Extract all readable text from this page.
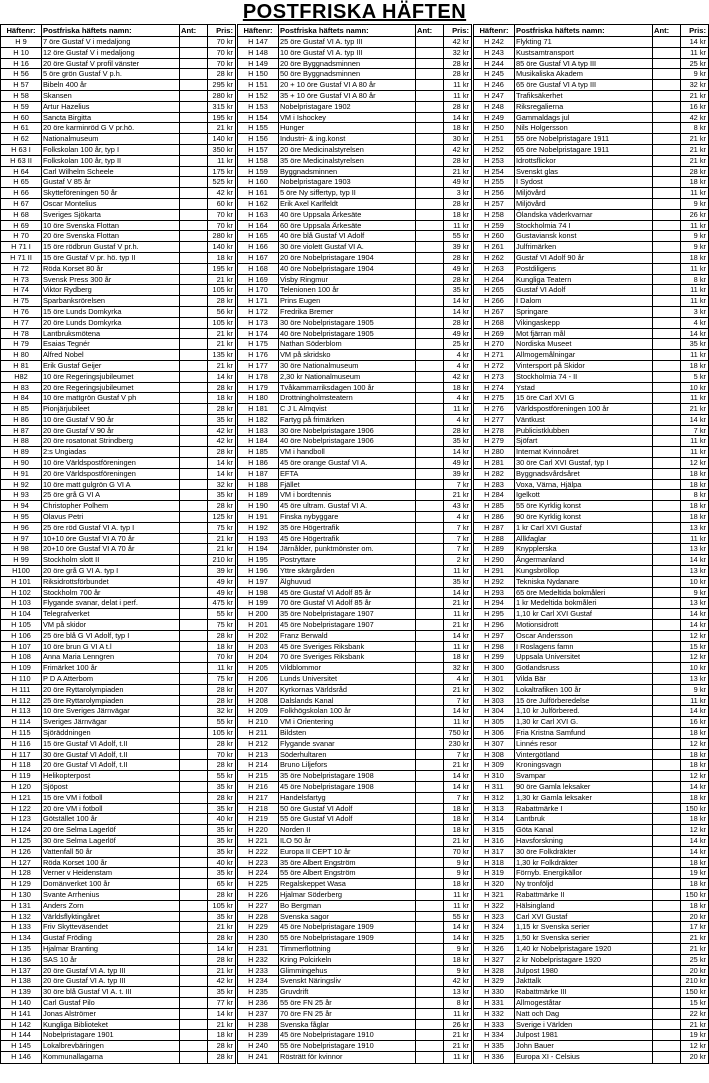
POSTFRISKA HÄFTEN
Häftenr: Postfriska häftets namn:	Ant:	Pris:
H 9	7 öre Gustaf V i medaljong	70 kr
H 10	12 öre Gustaf V i medaljong	70 kr
H 16	20 öre Gustaf V profil vänster	70 kr
H 56	5 öre grön Gustaf V p.h.	28 kr
H 57	Bibeln 400 år	295 kr
H 58	Skansen	280 kr
H 59	Artur Hazelius	315 kr
H 60	Sancta Birgitta	195 kr
H 61	20 öre karminröd G V pr.hö.	21 kr
H 62	Nationalmuseum	140 kr
H 63 I	Folkskolan 100 år, typ I	350 kr
H 63 II	Folkskolan 100 år, typ II	11 kr
H 64	Carl Wilhelm Scheele	175 kr
H 65	Gustaf V 85 år	525 kr
H 66	Skytteföreningen 50 år	42 kr
H 67	Oscar Montelius	60 kr
H 68	Sveriges Sjökarta	70 kr
H 69	10 öre Svenska Flottan	70 kr
H 70	20 öre Svenska Flottan	280 kr
H 71 I	15 öre rödbrun Gustaf V pr.h.	140 kr
H 71 II	15 öre Gustaf V pr. hö. typ II	18 kr
H 72	Röda Korset 80 år	195 kr
H 73	Svensk Press 300 år	21 kr
H 74	Viktor Rydberg	105 kr
H 75	Sparbanksrörelsen	28 kr
H 76	15 öre Lunds Domkyrka	56 kr
H 77	20 öre Lunds Domkyrka	105 kr
H 78	Lantbruksmötena	21 kr
H 79	Esaias Tegnér	21 kr
H 80	Alfred Nobel	135 kr
H 81	Erik Gustaf Geijer	21 kr
H82	10 öre Regeringsjubileumet	14 kr
H 83	20 öre Regeringsjubileumet	28 kr
H 84	10 öre mattgrön Gustaf V ph	18 kr
H 85	Pionjärjubileet	28 kr
H 86	10 öre Gustaf V 90 år	35 kr
H 87	20 öre Gustaf V 90 år	42 kr
H 88	20 öre rosatonat Strindberg	42 kr
H 89	2:s Ungiadas	28 kr
H 90	10 öre Världspostföreningen	14 kr
H 91	20 öre Världspostföreningen	14 kr
H 92	10 öre matt gulgrön G VI A	32 kr
H 93	25 öre grå G VI A	35 kr
H 94	Christopher Polhem	28 kr
H 95	Olavus Petri	125 kr
H 96	25 öre röd Gustaf VI A. typ I	75 kr
H 97	10+10 öre Gustaf VI A 70 år	21 kr
H 98	20+10 öre Gustaf VI A 70 år	21 kr
H 99	Stockholm slott II	210 kr
H100	20 öre grå G VI A. typ I	39 kr
H 101	Riksidrottsförbundet	49 kr
H 102	Stockholm 700 år	49 kr
H 103	Flygande svanar, delat i perf.	475 kr
H 104	Telegrafverket	55 kr
H 105	VM på skidor	75 kr
H 106	25 öre blå G VI Adolf, typ I	28 kr
H 107	10 öre brun G VI A t.l	18 kr
H 108	Anna Maria Lenngren	70 kr
H 109	Frimärket 100 år	11 kr
H 110	P D A Atterbom	75 kr
H 111	20 öre Ryttarolympiaden	28 kr
H 112	25 öre Ryttarolympiaden	28 kr
H 113	10 öre Sveriges Järnvägar	32 kr
H 114	Sveriges Järnvägar	55 kr
H 115	Sjöräddningen	105 kr
H 116	15 öre Gustaf VI Adolf, t.II	28 kr
H 117	30 öre Gustaf VI Adolf, t.II	70 kr
H 118	20 öre Gustaf VI Adolf, t.II	28 kr
H 119	Helikopterpost	55 kr
H 120	Sjöpost	35 kr
H 121	15 öre VM i fotboll	28 kr
H 122	20 öre VM i fotboll	35 kr
H 123	Götstället 100 år	40 kr
H 124	20 öre Selma Lagerlöf	35 kr
H 125	30 öre Selma Lagerlöf	35 kr
H 126	Vattenfall 50 år	35 kr
H 127	Röda Korset 100 år	40 kr
H 128	Verner v Heidenstam	35 kr
H 129	Domänverket 100 år	65 kr
H 130	Svante Arrhenius	28 kr
H 131	Anders Zorn	105 kr
H 132	Världsflyktingåret	35 kr
H 133	Friv Skytteväsendet	21 kr
H 134	Gustaf Fröding	28 kr
H 135	Hjalmar Branting	14 kr
H 136	SAS 10 år	28 kr
H 137	20 öre Gustaf VI A. typ III	21 kr
H 138	20 öre Gustaf VI A. typ III	42 kr
H 139	30 öre blå Gustaf VI A. t. III	35 kr
H 140	Carl Gustaf Pilo	77 kr
H 141	Jonas Alströmer	14 kr
H 142	Kungliga Biblioteket	21 kr
H 144	Nobelpristagare 1901	18 kr
H 145	Lokalbrevbäringen	28 kr
H 146	Kommunallagarna	28 kr
Häftenr: Postfriska häftets namn:	Ant:	Pris:
H 147	25 öre Gustaf VI A. typ III	42 kr
H 148	10 öre Gustaf VI A. typ III	32 kr
H 149	20 öre Byggnadsminnen	28 kr
H 150	50 öre Byggnadsminnen	28 kr
H 151	20 + 10 öre Gustaf VI A 80 år	11 kr
H 152	35 + 10 öre Gustaf VI A 80 år	11 kr
H 153	Nobelpristagare 1902	28 kr
H 154	VM i Ishockey	14 kr
H 155	Hunger	18 kr
H 156	Industri- & ing.konst	30 kr
H 157	20 öre Medicinalstyrelsen	42 kr
H 158	35 öre Medicinalstyrelsen	28 kr
H 159	Byggnadsminnen	21 kr
H 160	Nobelpristagare 1903	49 kr
H 161	5 öre Ny siffertyp, typ II	3 kr
H 162	Erik Axel Karlfeldt	28 kr
H 163	40 öre Uppsala Ärkesäte	18 kr
H 164	60 öre Uppsala Ärkesäte	11 kr
H 165	40 öre blå Gustaf VI Adolf	55 kr
H 166	30 öre violett Gustaf VI A.	39 kr
H 167	20 öre Nobelpristagare 1904	28 kr
H 168	40 öre Nobelpristagare 1904	49 kr
H 169	Visby Ringmur	28 kr
H 170	Telenionen 100 år	35 kr
H 171	Prins Eugen	14 kr
H 172	Fredrika Bremer	14 kr
H 173	30 öre Nobelpristagare 1905	28 kr
H 174	40 öre Nobelpristagare 1905	49 kr
H 175	Nathan Söderblom	25 kr
H 176	VM på skridsko	4 kr
H 177	30 öre Nationalmuseum	4 kr
H 178	2,30 kr Nationalmuseum	42 kr
H 179	Tvåkammarriksdagen 100 år	18 kr
H 180	Drottningholmsteatern	4 kr
H 181	C J L Almqvist	11 kr
H 182	Fartyg på frimärken	4 kr
H 183	30 öre Nobelpristagare 1906	28 kr
H 184	40 öre Nobelpristagare 1906	35 kr
H 185	VM i handboll	14 kr
H 186	45 öre orange Gustaf VI A.	49 kr
H 187	EFTA	39 kr
H 188	Fjället	7 kr
H 189	VM i bordtennis	21 kr
H 190	45 öre ultram. Gustaf VI A.	43 kr
H 191	Finska nybyggare	4 kr
H 192	35 öre Högertrafik	7 kr
H 193	45 öre Högertrafik	7 kr
H 194	Järnålder, punktmönster om.	7 kr
H 195	Postryttare	2 kr
H 196	Yttre skärgården	11 kr
H 197	Älghuvud	35 kr
H 198	45 öre Gustaf VI Adolf 85 år	14 kr
H 199	70 öre Gustaf VI Adolf 85 år	21 kr
H 200	35 öre Nobelpristagare 1907	11 kr
H 201	45 öre Nobelpristagare 1907	21 kr
H 202	Franz Berwald	14 kr
H 203	45 öre Sveriges Riksbank	11 kr
H 204	70 öre Sveriges Riksbank	18 kr
H 205	Vildblommor	32 kr
H 206	Lunds Universitet	4 kr
H 207	Kyrkornas Världsråd	21 kr
H 208	Dalslands Kanal	7 kr
H 209	Folkhögskolan 100 år	14 kr
H 210	VM i Orientering	11 kr
H 211	Bildsten	750 kr
H 212	Flygande svanar	230 kr
H 213	Söderhultaren	7 kr
H 214	Bruno Liljefors	21 kr
H 215	35 öre Nobelpristagare 1908	14 kr
H 216	45 öre Nobelpristagare 1908	14 kr
H 217	Handelsfartyg	7 kr
H 218	50 öre Gustaf VI Adolf	18 kr
H 219	55 öre Gustaf VI Adolf	18 kr
H 220	Norden II	18 kr
H 221	ILO 50 år	21 kr
H 222	Europa II CEPT 10 år	70 kr
H 223	35 öre Albert Engström	9 kr
H 224	55 öre Albert Engström	9 kr
H 225	Regalskeppet Wasa	18 kr
H 226	Hjalmar Söderberg	11 kr
H 227	Bo Bergman	11 kr
H 228	Svenska sagor	55 kr
H 229	45 öre Nobelpristagare 1909	14 kr
H 230	55 öre Nobelpristagare 1909	14 kr
H 231	Timmerflottning	9 kr
H 232	Kring Polcirkeln	18 kr
H 233	Glimmingehus	9 kr
H 234	Svenskt Näringsliv	42 kr
H 235	Gruvdrift	13 kr
H 236	55 öre FN 25 år	8 kr
H 237	70 öre FN 25 år	11 kr
H 238	Svenska fåglar	26 kr
H 239	45 öre Nobelpristagare 1910	21 kr
H 240	55 öre Nobelpristagare 1910	21 kr
H 241	Rösträtt för kvinnor	11 kr
Häftenr: Postfriska häftets namn:	Ant:	Pris:
H 242	Flykting 71	14 kr
H 243	Kustsamtransport	11 kr
H 244	85 öre Gustaf VI A typ III	25 kr
H 245	Musikaliska Akadem	9 kr
H 246	65 öre Gustaf VI A typ III	32 kr
H 247	Trafiksäkerhet	21 kr
H 248	Riksregalierna	16 kr
H 249	Gammaldags jul	42 kr
H 250	Nils Holgersson	8 kr
H 251	55 öre Nobelpristagare 1911	21 kr
H 252	65 öre Nobelpristagare 1911	21 kr
H 253	Idrottsflickor	21 kr
H 254	Svenskt glas	28 kr
H 255	I Sydost	18 kr
H 256	Miljövård	11 kr
H 257	Miljövård	9 kr
H 258	Ölandska väderkvarnar	26 kr
H 259	Stockholmia 74 I	11 kr
H 260	Gustaviansk konst	9 kr
H 261	Julfrimärken	9 kr
H 262	Gustaf VI Adolf 90 år	18 kr
H 263	Postdiligens	11 kr
H 264	Kungliga Teatern	8 kr
H 265	Gustaf VI Adolf	11 kr
H 266	I Dalom	11 kr
H 267	Springare	3 kr
H 268	Vikingaskepp	4 kr
H 269	Mot fjärran mål	14 kr
H 270	Nordiska Museet	35 kr
H 271	Allmogemålningar	11 kr
H 272	Vintersport på Skidor	18 kr
H 273	Stockholmia 74 - II	5 kr
H 274	Ystad	10 kr
H 275	15 öre Carl XVI G	11 kr
H 276	Världspostföreningen 100 år	21 kr
H 277	Väntkust	14 kr
H 278	Publicistklubben	7 kr
H 279	Sjöfart	11 kr
H 280	Internat Kvinnoåret	11 kr
H 281	30 öre Carl XVI Gustaf, typ I	12 kr
H 282	Byggnadsvårdsåret	18 kr
H 283	Voxa, Värna, Hjälpa	18 kr
H 284	Igelkott	8 kr
H 285	55 öre Kyrklig konst	18 kr
H 286	90 öre Kyrklig konst	18 kr
H 287	1 kr Carl XVI Gustaf	13 kr
H 288	Allkfaglar	11 kr
H 289	Knypplerska	13 kr
H 290	Ångermanland	14 kr
H 291	Kungsbröllop	13 kr
H 292	Tekniska Nydanare	10 kr
H 293	65 öre Medeltida bokmåleri	9 kr
H 294	1 kr Medeltida bokmåleri	13 kr
H 295	1,10 kr Carl XVI Gustaf	14 kr
H 296	Motionsidrott	14 kr
H 297	Oscar Andersson	12 kr
H 298	I Roslagens famn	15 kr
H 299	Uppsala Universitet	12 kr
H 300	Gotlandsruss	10 kr
H 301	Vilda Bär	13 kr
H 302	Lokaltrafiken 100 år	9 kr
H 303	15 öre Julförberedelse	11 kr
H 304	1,10 kr Julförbered.	14 kr
H 305	1,30 kr Carl XVI G.	16 kr
H 306	Fria Kristna Samfund	18 kr
H 307	Linnés resor	12 kr
H 308	Vintergötland	18 kr
H 309	Kroningsvagn	18 kr
H 310	Svampar	12 kr
H 311	90 öre Gamla leksaker	14 kr
H 312	1,30 kr Gamla leksaker	18 kr
H 313	Rabattmärke I	150 kr
H 314	Lantbruk	18 kr
H 315	Göta Kanal	12 kr
H 316	Havsforskning	14 kr
H 317	30 öre Folkdräkter	14 kr
H 318	1,30 kr Folkdräkter	18 kr
H 319	Förnyb. Energikällor	19 kr
H 320	Ny tronföljd	18 kr
H 321	Rabattmärke II	150 kr
H 322	Hälsingland	18 kr
H 323	Carl XVI Gustaf	20 kr
H 324	1,15 kr Svenska serier	17 kr
H 325	1,50 kr Svenska serier	21 kr
H 326	1,40 kr Nobelpristagare 1920	21 kr
H 327	2 kr Nobelpristagare 1920	25 kr
H 328	Julpost 1980	20 kr
H 329	Jakttalk	210 kr
H 330	Rabattmärke III	150 kr
H 331	Allmogeståtar	15 kr
H 332	Natt och Dag	22 kr
H 333	Sverige i Världen	21 kr
H 334	Julpost 1981	19 kr
H 335	John Bauer	12 kr
H 336	Europa XI - Celsius	20 kr
